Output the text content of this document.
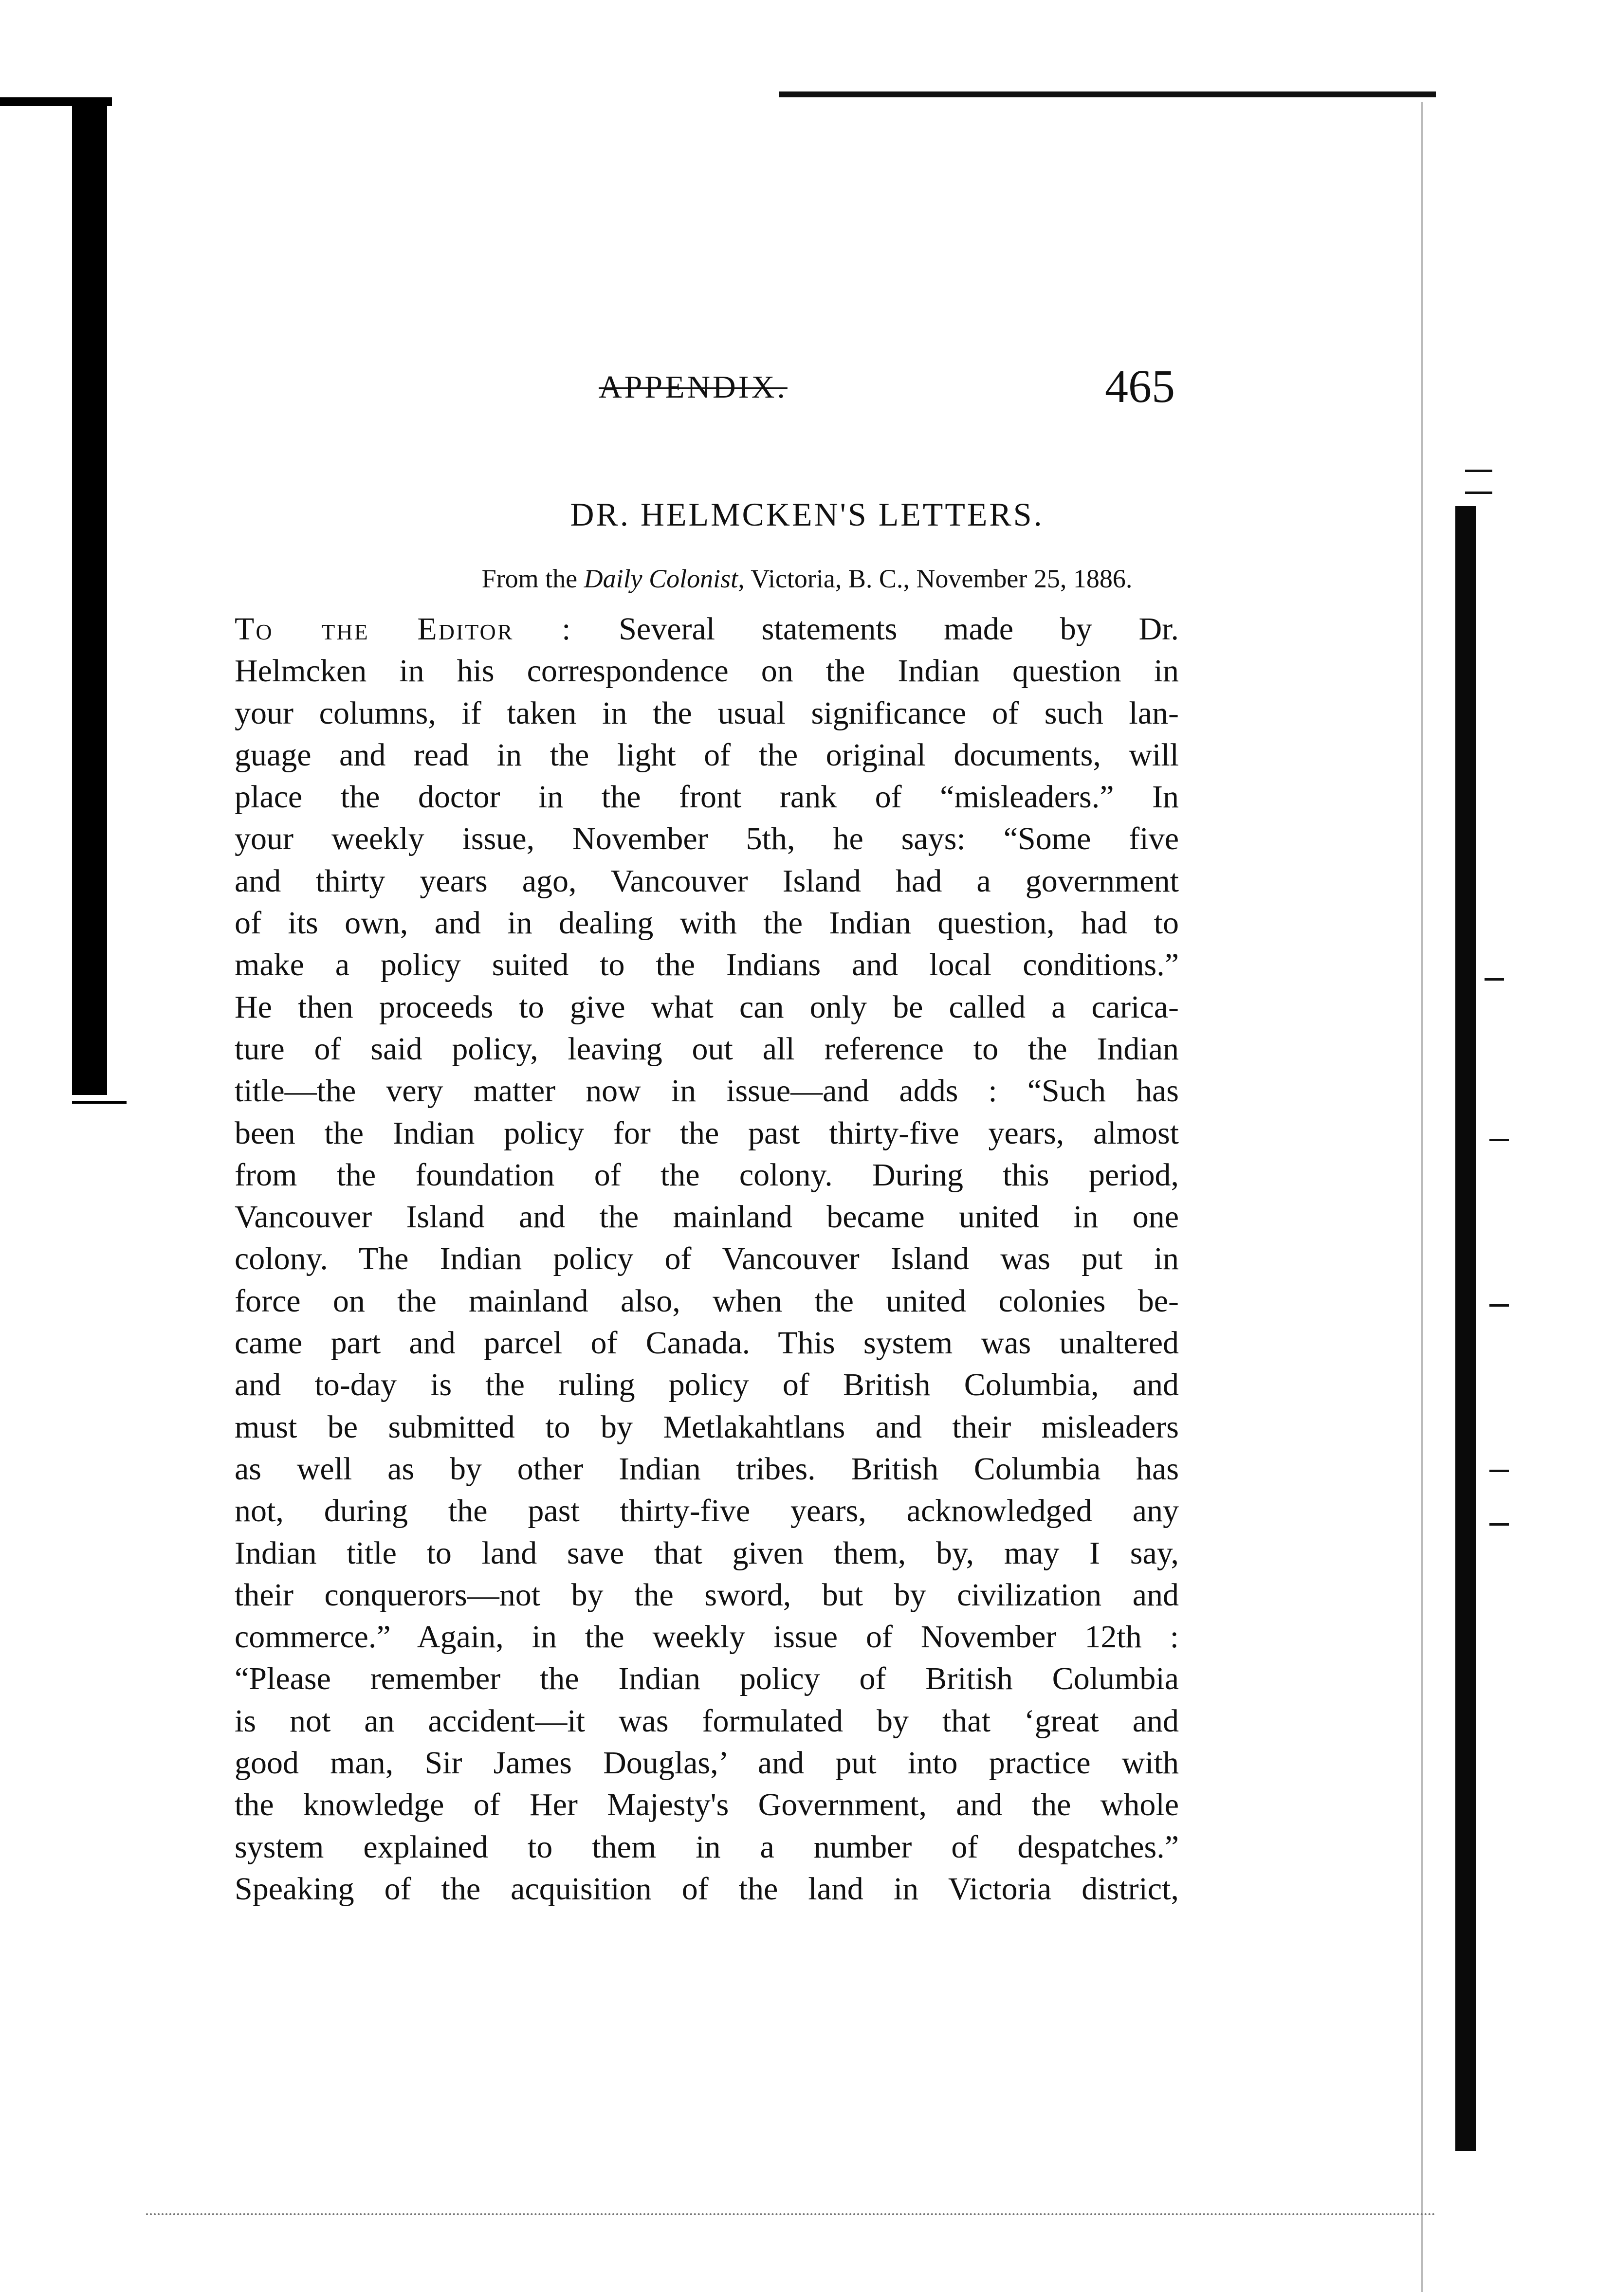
APPENDIX.	465
DR. HELMCKEN'S LETTERS.
From the Daily Colonist, Victoria, B. C., November 25, 1886.
To the Editor : Several statements made by Dr.
Helmcken in his correspondence on the Indian question in
your columns, if taken in the usual significance of such lan-
guage and read in the light of the original documents, will
place the doctor in the front rank of “misleaders.” In
your weekly issue, November 5th, he says: “Some five
and thirty years ago, Vancouver Island had a government
of its own, and in dealing with the Indian question, had to
make a policy suited to the Indians and local conditions.”
He then proceeds to give what can only be called a carica-
ture of said policy, leaving out all reference to the Indian
title—the very matter now in issue—and adds : “Such has
been the Indian policy for the past thirty-five years, almost
from the foundation of the colony. During this period,
Vancouver Island and the mainland became united in one
colony. The Indian policy of Vancouver Island was put in
force on the mainland also, when the united colonies be-
came part and parcel of Canada. This system was unaltered
and to-day is the ruling policy of British Columbia, and
must be submitted to by Metlakahtlans and their misleaders
as well as by other Indian tribes. British Columbia has
not, during the past thirty-five years, acknowledged any
Indian title to land save that given them, by, may I say,
their conquerors—not by the sword, but by civilization and
commerce.” Again, in the weekly issue of November 12th :
“Please remember the Indian policy of British Columbia
is not an accident—it was formulated by that ‘great and
good man, Sir James Douglas,’ and put into practice with
the knowledge of Her Majesty's Government, and the whole
system explained to them in a number of despatches.”
Speaking of the acquisition of the land in Victoria district,
